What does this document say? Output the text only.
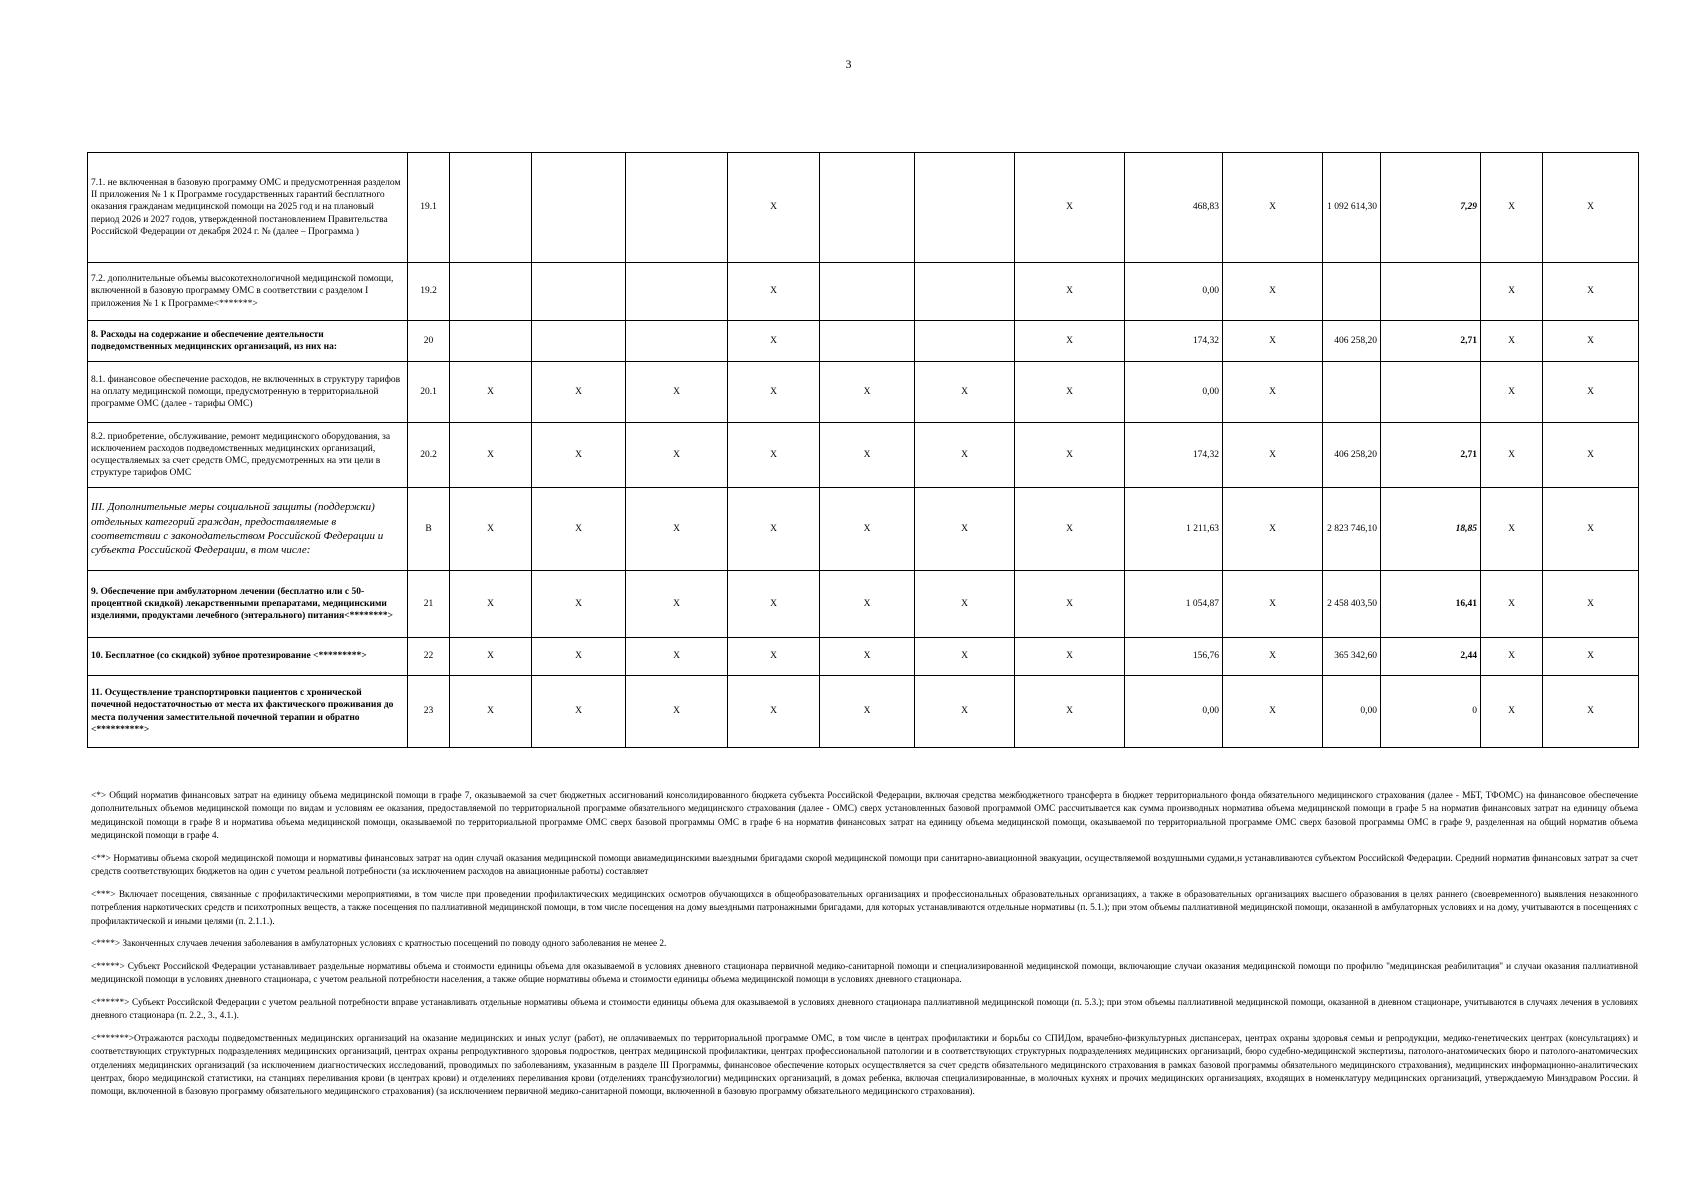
3
7.1. не включенная в базовую программу ОМС и предусмотренная разделом II приложения № 1 к Программе государственных гарантий бесплатного оказания гражданам медицинской помощи на 2025 год и на плановый период 2026 и 2027 годов, утвержденной постановлением Правительства Российской Федерации от декабря 2024 г. № (далее – Программа )	19.1				X			X	468,83	X	1 092 614,30	7,29	X	X
7.2. дополнительные объемы высокотехнологичной медицинской помощи, включенной в базовую программу ОМС в соответствии с разделом I приложения № 1 к Программе<*******>	19.2				X			X	0,00	X			X	X
8. Расходы на содержание и обеспечение деятельности подведомственных медицинских организаций, из них на:	20				X			X	174,32	X	406 258,20	2,71	X	X
8.1. финансовое обеспечение расходов, не включенных в структуру тарифов на оплату медицинской помощи, предусмотренную в территориальной программе ОМС (далее - тарифы ОМС)	20.1	X	X	X	X	X	X	X	0,00	X			X	X
8.2. приобретение, обслуживание, ремонт медицинского оборудования, за исключением расходов подведомственных медицинских организаций, осуществляемых за счет средств ОМС, предусмотренных на эти цели в структуре тарифов ОМС	20.2	X	X	X	X	X	X	X	174,32	X	406 258,20	2,71	X	X
III. Дополнительные меры социальной защиты (поддержки) отдельных категорий граждан, предоставляемые в соответствии с законодательством Российской Федерации и субъекта Российской Федерации, в том числе:	B	X	X	X	X	X	X	X	1 211,63	X	2 823 746,10	18,85	X	X
9. Обеспечение при амбулаторном лечении (бесплатно или с 50-процентной скидкой) лекарственными препаратами, медицинскими изделиями, продуктами лечебного (энтерального) питания<********>	21	X	X	X	X	X	X	X	1 054,87	X	2 458 403,50	16,41	X	X
10. Бесплатное (со скидкой) зубное протезирование <*********>	22	X	X	X	X	X	X	X	156,76	X	365 342,60	2,44	X	X
11. Осуществление транспортировки пациентов с хронической почечной недостаточностью от места их фактического проживания до места получения заместительной почечной терапии и обратно <**********>	23	X	X	X	X	X	X	X	0,00	X	0,00	0	X	X

<*> Общий норматив финансовых затрат на единицу объема медицинской помощи в графе 7, оказываемой за счет бюджетных ассигнований консолидированного бюджета субъекта Российской Федерации, включая средства межбюджетного трансферта в бюджет территориального фонда обязательного медицинского страхования (далее - МБТ, ТФОМС) на финансовое обеспечение дополнительных объемов медицинской помощи по видам и условиям ее оказания, предоставляемой по территориальной программе обязательного медицинского страхования (далее - ОМС) сверх установленных базовой программой ОМС рассчитывается как сумма производных норматива объема медицинской помощи в графе 5 на норматив финансовых затрат на единицу объема медицинской помощи в графе 8 и норматива объема медицинской помощи, оказываемой по территориальной программе ОМС сверх базовой программы ОМС в графе 6 на норматив финансовых затрат на единицу объема медицинской помощи, оказываемой по территориальной программе ОМС сверх базовой программы ОМС в графе 9, разделенная на общий норматив объема медицинской помощи в графе 4.

<**> Нормативы объема скорой медицинской помощи и нормативы финансовых затрат на один случай оказания медицинской помощи авиамедицинскими выездными бригадами скорой медицинской помощи при санитарно-авиационной эвакуации, осуществляемой воздушными судами,н устанавливаются субъектом Российской Федерации. Средний норматив финансовых затрат за счет средств соответствующих бюджетов на один с учетом реальной потребности (за исключением расходов на авиационные работы) составляет

<***> Включает посещения, связанные с профилактическими мероприятиями, в том числе при проведении профилактических медицинских осмотров обучающихся в общеобразовательных организациях и профессиональных образовательных организациях, а также в образовательных организациях высшего образования в целях раннего (своевременного) выявления незаконного потребления наркотических средств и психотропных веществ, а также посещения по паллиативной медицинской помощи, в том числе посещения на дому выездными патронажными бригадами, для которых устанавливаются отдельные нормативы (п. 5.1.); при этом объемы паллиативной медицинской помощи, оказанной в амбулаторных условиях и на дому, учитываются в посещениях с профилактической и иными целями (п. 2.1.1.).

<****> Законченных случаев лечения заболевания в амбулаторных условиях с кратностью посещений по поводу одного заболевания не менее 2.

<*****> Субъект Российской Федерации устанавливает раздельные нормативы объема и стоимости единицы объема для оказываемой в условиях дневного стационара первичной медико-санитарной помощи и специализированной медицинской помощи, включающие случаи оказания медицинской помощи по профилю "медицинская реабилитация" и случаи оказания паллиативной медицинской помощи в условиях дневного стационара, с учетом реальной потребности населения, а также общие нормативы объема и стоимости единицы объема медицинской помощи в условиях дневного стационара.

<******> Субъект Российской Федерации с учетом реальной потребности вправе устанавливать отдельные нормативы объема и стоимости единицы объема для оказываемой в условиях дневного стационара паллиативной медицинской помощи (п. 5.3.); при этом объемы паллиативной медицинской помощи, оказанной в дневном стационаре, учитываются в случаях лечения в условиях дневного стационара (п. 2.2., 3., 4.1.).

<*******>Отражаются расходы подведомственных медицинских организаций на оказание медицинских и иных услуг (работ), не оплачиваемых по территориальной программе ОМС, в том числе в центрах профилактики и борьбы со СПИДом, врачебно-физкультурных диспансерах, центрах охраны здоровья семьи и репродукции, медико-генетических центрах (консультациях) и соответствующих структурных подразделениях медицинских организаций, центрах охраны репродуктивного здоровья подростков, центрах медицинской профилактики, центрах профессиональной патологии и в соответствующих структурных подразделениях медицинских организаций, бюро судебно-медицинской экспертизы, патолого-анатомических бюро и патолого-анатомических отделениях медицинских организаций (за исключением диагностических исследований, проводимых по заболеваниям, указанным в разделе III Программы, финансовое обеспечение которых осуществляется за счет средств обязательного медицинского страхования в рамках базовой программы обязательного медицинского страхования), медицинских информационно-аналитических центрах, бюро медицинской статистики, на станциях переливания крови (в центрах крови) и отделениях переливания крови (отделениях трансфузиологии) медицинских организаций, в домах ребенка, включая специализированные, в молочных кухнях и прочих медицинских организациях, входящих в номенклатуру медицинских организаций, утверждаемую Минздравом России. й помощи, включенной в базовую программу обязательного медицинского страхования) (за исключением первичной медико-санитарной помощи, включенной в базовую программу обязательного медицинского страхования).
